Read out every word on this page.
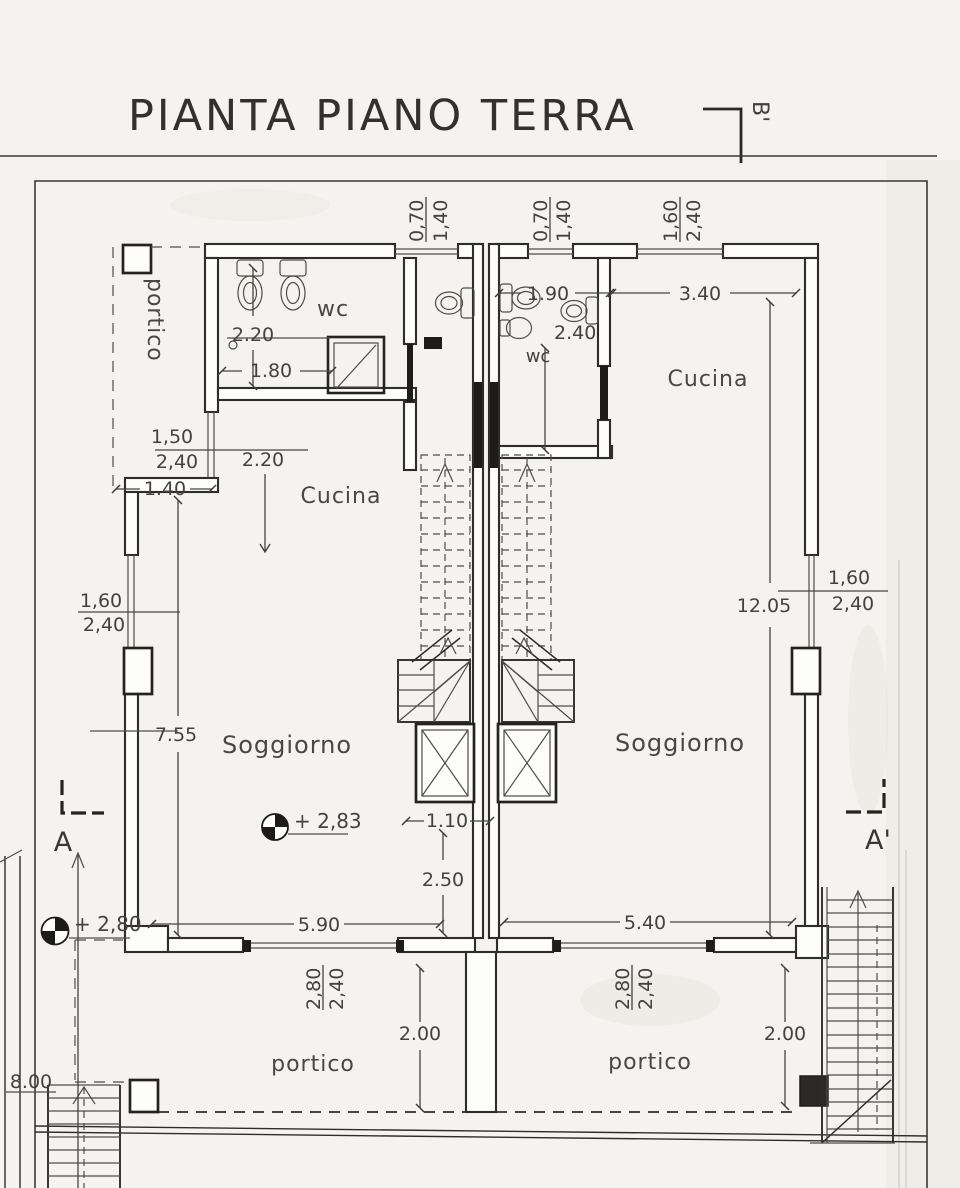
PIANTA PIANO TERRA	B'
0,70 1,40	0,70 1,40	1,60 2,40
1.90	3.40
2.40
2.20
1.80
1,50
2,40 2.20
1.40
1,60
2,40
7.55
12.05
1,60
2,40
1.10
2.50
5.90	5.40
2,80 2,40	2,80 2,40
2.00	2.00
8.00
+ 2,83
+ 2,80
portico	wc
wc
Cucina
Cucina
Soggiorno	Soggiorno
portico	portico
A	A'
